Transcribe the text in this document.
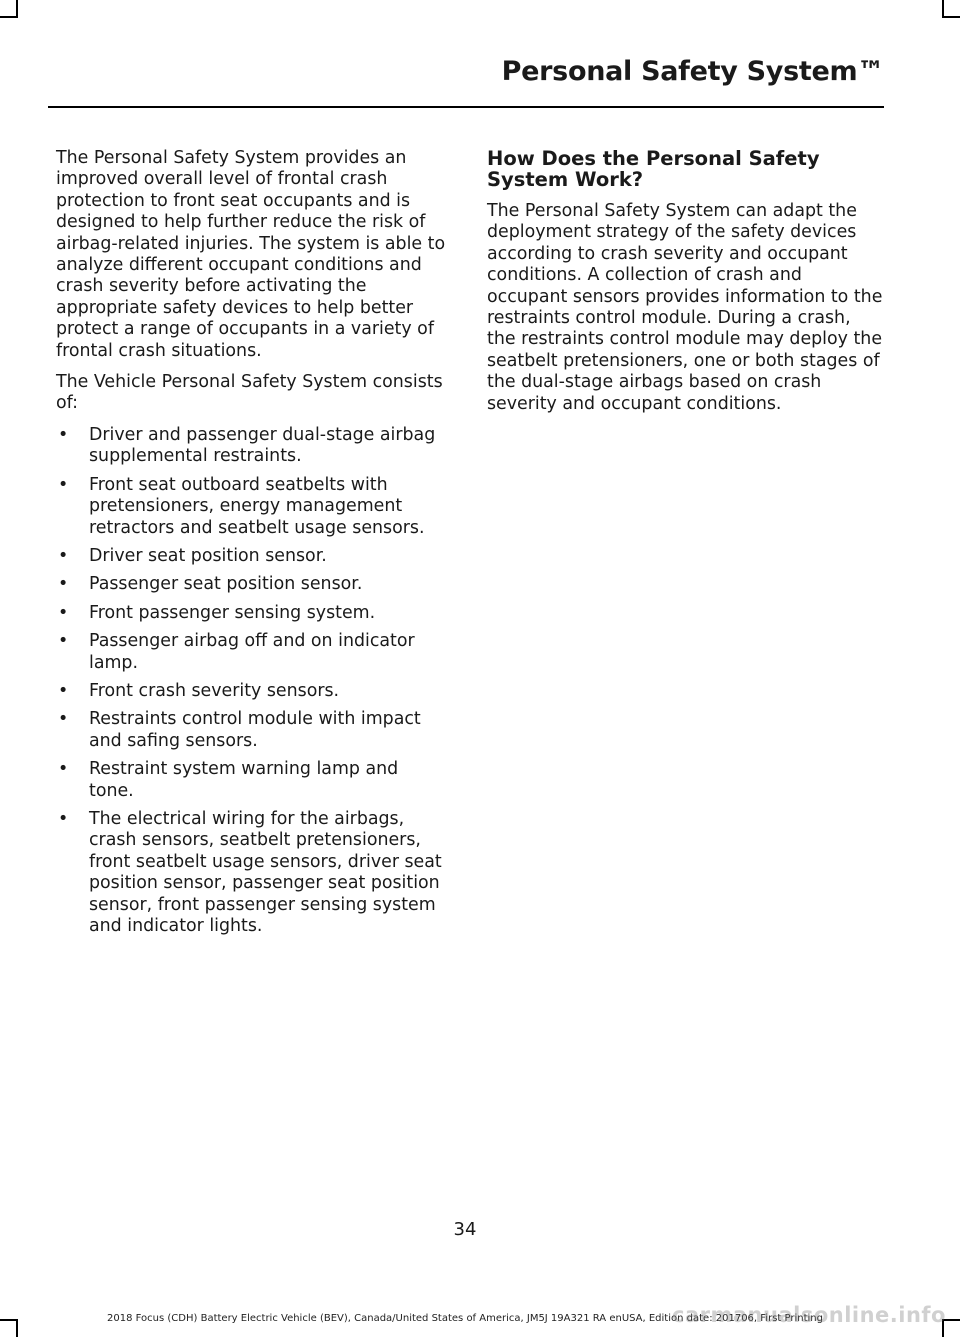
Personal Safety System™

The Personal Safety System provides an improved overall level of frontal crash protection to front seat occupants and is designed to help further reduce the risk of airbag-related injuries. The system is able to analyze different occupant conditions and crash severity before activating the appropriate safety devices to help better protect a range of occupants in a variety of frontal crash situations.

The Vehicle Personal Safety System consists of:

• Driver and passenger dual-stage airbag supplemental restraints.
• Front seat outboard seatbelts with pretensioners, energy management retractors and seatbelt usage sensors.
• Driver seat position sensor.
• Passenger seat position sensor.
• Front passenger sensing system.
• Passenger airbag off and on indicator lamp.
• Front crash severity sensors.
• Restraints control module with impact and safing sensors.
• Restraint system warning lamp and tone.
• The electrical wiring for the airbags, crash sensors, seatbelt pretensioners, front seatbelt usage sensors, driver seat position sensor, passenger seat position sensor, front passenger sensing system and indicator lights.
How Does the Personal Safety System Work?

The Personal Safety System can adapt the deployment strategy of the safety devices according to crash severity and occupant conditions. A collection of crash and occupant sensors provides information to the restraints control module. During a crash, the restraints control module may deploy the seatbelt pretensioners, one or both stages of the dual-stage airbags based on crash severity and occupant conditions.

34
2018 Focus (CDH) Battery Electric Vehicle (BEV), Canada/United States of America, JM5J 19A321 RA enUSA, Edition date: 201706, First Printing
carmanualsonline.info
